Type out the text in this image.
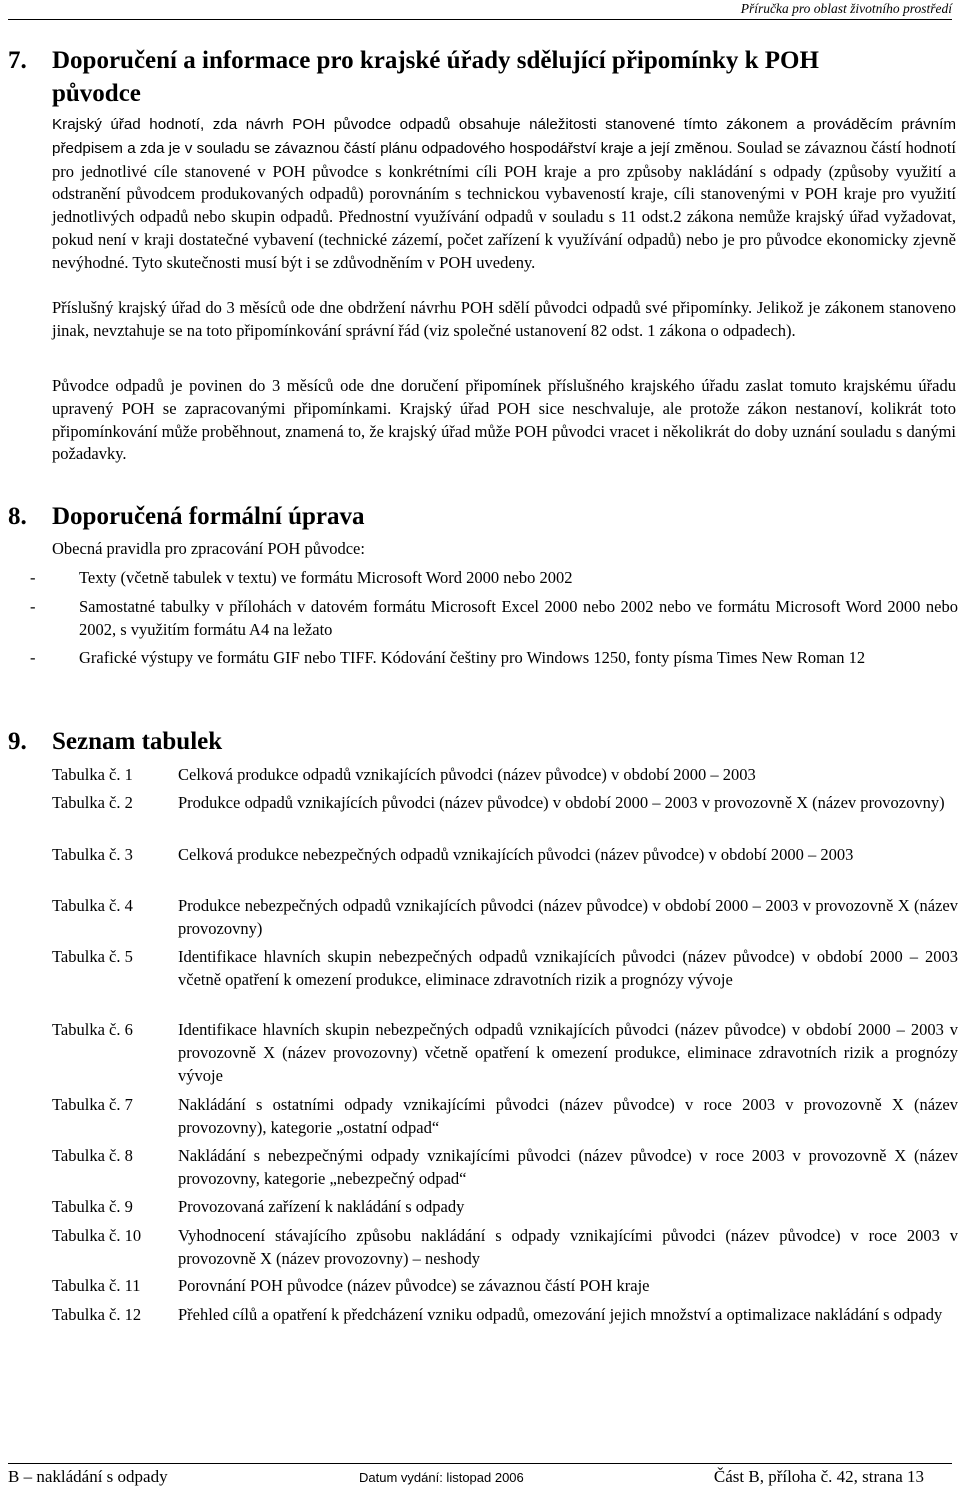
Příručka pro oblast životního prostředí
7. Doporučení a informace pro krajské úřady sdělující připomínky k POH
původce

Krajský úřad hodnotí, zda návrh POH původce odpadů obsahuje náležitosti stanovené tímto zákonem a prováděcím právním předpisem a zda je v souladu se závaznou částí plánu odpadového hospodářství kraje a její změnou. Soulad se závaznou částí hodnotí pro jednotlivé cíle stanovené v POH původce s konkrétními cíli POH kraje a pro způsoby nakládání s odpady (způsoby využití a odstranění původcem produkovaných odpadů) porovnáním s technickou vybaveností kraje, cíli stanovenými v POH kraje pro využití jednotlivých odpadů nebo skupin odpadů. Přednostní využívání odpadů v souladu s 11 odst.2 zákona nemůže krajský úřad vyžadovat, pokud není v kraji dostatečné vybavení (technické zázemí, počet zařízení k využívání odpadů) nebo je pro původce ekonomicky zjevně nevýhodné. Tyto skutečnosti musí být i se zdůvodněním v POH uvedeny.

Příslušný krajský úřad do 3 měsíců ode dne obdržení návrhu POH sdělí původci odpadů své připomínky. Jelikož je zákonem stanoveno jinak, nevztahuje se na toto připomínkování správní řád (viz společné ustanovení 82 odst. 1 zákona o odpadech).
Původce odpadů je povinen do 3 měsíců ode dne doručení připomínek příslušného krajského úřadu zaslat tomuto krajskému úřadu upravený POH se zapracovanými připomínkami. Krajský úřad POH sice neschvaluje, ale protože zákon nestanoví, kolikrát toto připomínkování může proběhnout, znamená to, že krajský úřad může POH původci vracet i několikrát do doby uznání souladu s danými požadavky.
8. Doporučená formální úprava
Obecná pravidla pro zpracování POH původce:
-	Texty (včetně tabulek v textu) ve formátu Microsoft Word 2000 nebo 2002
-	Samostatné tabulky v přílohách v datovém formátu Microsoft Excel 2000 nebo 2002 nebo ve formátu Microsoft Word 2000 nebo 2002, s využitím formátu A4 na ležato
-	Grafické výstupy ve formátu GIF nebo TIFF. Kódování češtiny pro Windows 1250, fonty písma Times New Roman 12
9. Seznam tabulek
Tabulka č. 1	Celková produkce odpadů vznikajících původci (název původce) v období 2000 – 2003
Tabulka č. 2	Produkce odpadů vznikajících původci (název původce) v období 2000 – 2003 v provozovně X (název provozovny)
Tabulka č. 3	Celková produkce nebezpečných odpadů vznikajících původci (název původce) v období 2000 – 2003
Tabulka č. 4	Produkce nebezpečných odpadů vznikajících původci (název původce) v období 2000 – 2003 v provozovně X (název provozovny)
Tabulka č. 5	Identifikace hlavních skupin nebezpečných odpadů vznikajících původci (název původce) v období 2000 – 2003 včetně opatření k omezení produkce, eliminace zdravotních rizik a prognózy vývoje
Tabulka č. 6	Identifikace hlavních skupin nebezpečných odpadů vznikajících původci (název původce) v období 2000 – 2003 v provozovně X (název provozovny) včetně opatření k omezení produkce, eliminace zdravotních rizik a prognózy vývoje
Tabulka č. 7	Nakládání s ostatními odpady vznikajícími původci (název původce) v roce 2003 v provozovně X (název provozovny), kategorie „ostatní odpad“
Tabulka č. 8	Nakládání s nebezpečnými odpady vznikajícími původci (název původce) v roce 2003 v provozovně X (název provozovny, kategorie „nebezpečný odpad“
Tabulka č. 9	Provozovaná zařízení k nakládání s odpady
Tabulka č. 10 Vyhodnocení stávajícího způsobu nakládání s odpady vznikajícími původci (název původce) v roce 2003 v provozovně X (název provozovny) – neshody
Tabulka č. 11 Porovnání POH původce (název původce) se závaznou částí POH kraje
Tabulka č. 12 Přehled cílů a opatření k předcházení vzniku odpadů, omezování jejich množství a optimalizace nakládání s odpady
B – nakládání s odpady	Datum vydání: listopad 2006	Část B, příloha č. 42, strana 13
